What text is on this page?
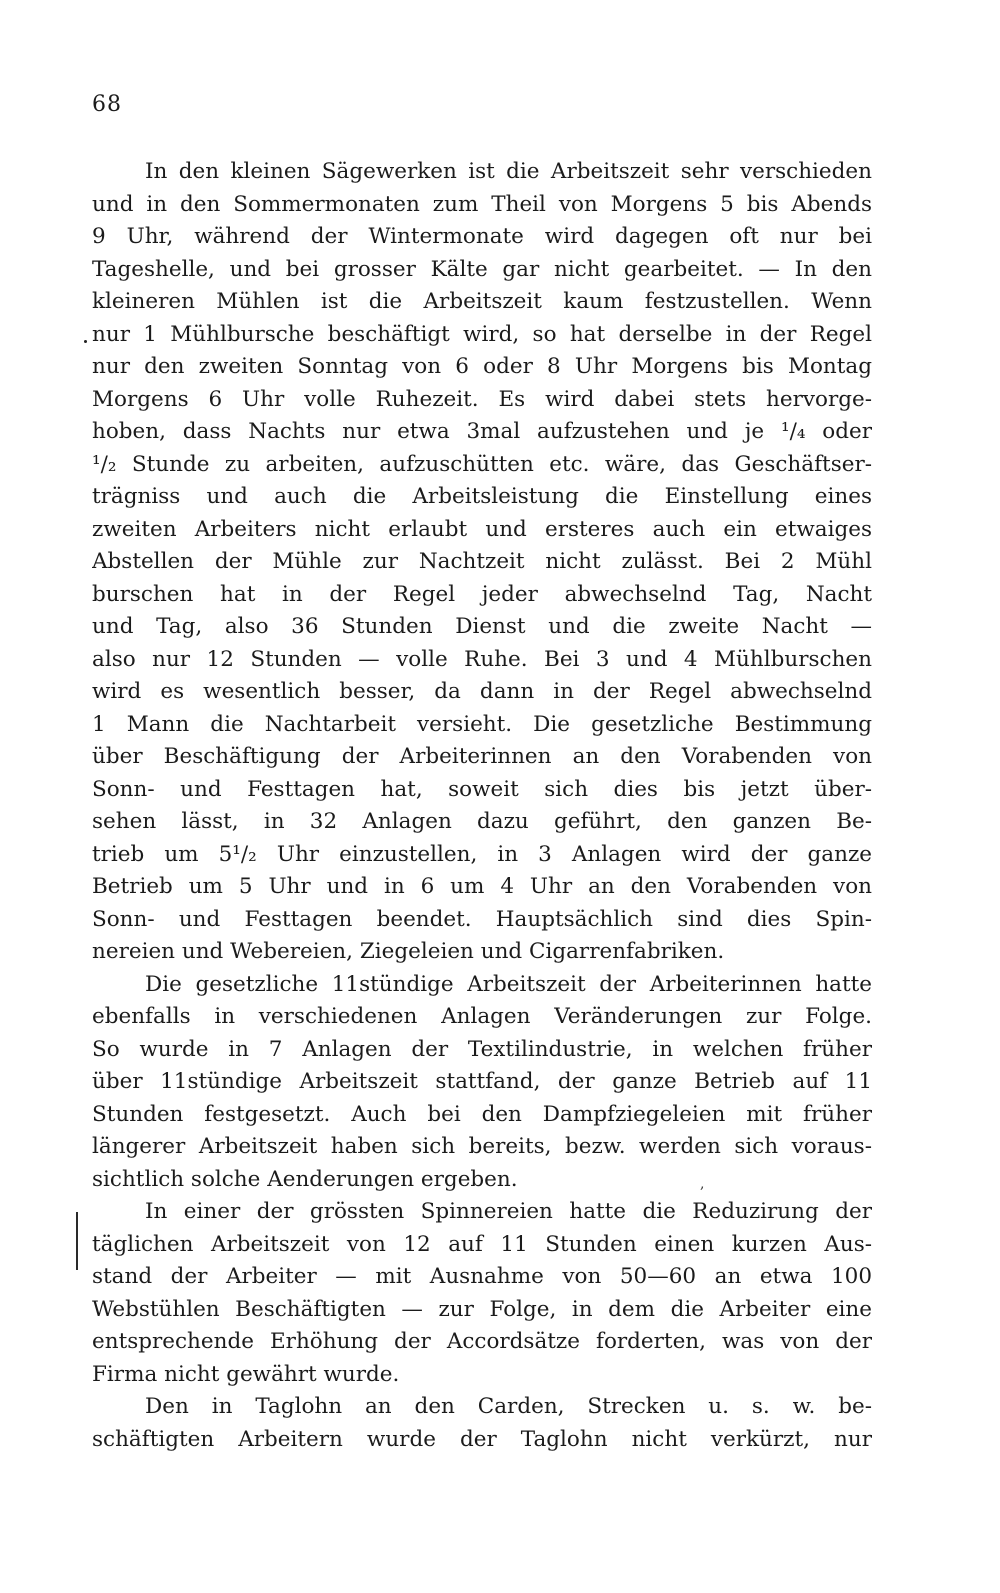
68
,
In den kleinen Sägewerken ist die Arbeitszeit sehr verschieden
und in den Sommermonaten zum Theil von Morgens 5 bis Abends
9 Uhr, während der Wintermonate wird dagegen oft nur bei
Tageshelle, und bei grosser Kälte gar nicht gearbeitet. — In den
kleineren Mühlen ist die Arbeitszeit kaum festzustellen. Wenn
nur 1 Mühlbursche beschäftigt wird, so hat derselbe in der Regel
nur den zweiten Sonntag von 6 oder 8 Uhr Morgens bis Montag
Morgens 6 Uhr volle Ruhezeit. Es wird dabei stets hervorge-
hoben, dass Nachts nur etwa 3mal aufzustehen und je ¹/₄ oder
¹/₂ Stunde zu arbeiten, aufzuschütten etc. wäre, das Geschäftser-
trägniss und auch die Arbeitsleistung die Einstellung eines
zweiten Arbeiters nicht erlaubt und ersteres auch ein etwaiges
Abstellen der Mühle zur Nachtzeit nicht zulässt. Bei 2 Mühl
burschen hat in der Regel jeder abwechselnd Tag, Nacht
und Tag, also 36 Stunden Dienst und die zweite Nacht —
also nur 12 Stunden — volle Ruhe. Bei 3 und 4 Mühlburschen
wird es wesentlich besser, da dann in der Regel abwechselnd
1 Mann die Nachtarbeit versieht. Die gesetzliche Bestimmung
über Beschäftigung der Arbeiterinnen an den Vorabenden von
Sonn- und Festtagen hat, soweit sich dies bis jetzt über-
sehen lässt, in 32 Anlagen dazu geführt, den ganzen Be-
trieb um 5¹/₂ Uhr einzustellen, in 3 Anlagen wird der ganze
Betrieb um 5 Uhr und in 6 um 4 Uhr an den Vorabenden von
Sonn- und Festtagen beendet. Hauptsächlich sind dies Spin-
nereien und Webereien, Ziegeleien und Cigarrenfabriken.
Die gesetzliche 11stündige Arbeitszeit der Arbeiterinnen hatte
ebenfalls in verschiedenen Anlagen Veränderungen zur Folge.
So wurde in 7 Anlagen der Textilindustrie, in welchen früher
über 11stündige Arbeitszeit stattfand, der ganze Betrieb auf 11
Stunden festgesetzt. Auch bei den Dampfziegeleien mit früher
längerer Arbeitszeit haben sich bereits, bezw. werden sich voraus-
sichtlich solche Aenderungen ergeben.
In einer der grössten Spinnereien hatte die Reduzirung der
täglichen Arbeitszeit von 12 auf 11 Stunden einen kurzen Aus-
stand der Arbeiter — mit Ausnahme von 50—60 an etwa 100
Webstühlen Beschäftigten — zur Folge, in dem die Arbeiter eine
entsprechende Erhöhung der Accordsätze forderten, was von der
Firma nicht gewährt wurde.
Den in Taglohn an den Carden, Strecken u. s. w. be-
schäftigten Arbeitern wurde der Taglohn nicht verkürzt, nur
